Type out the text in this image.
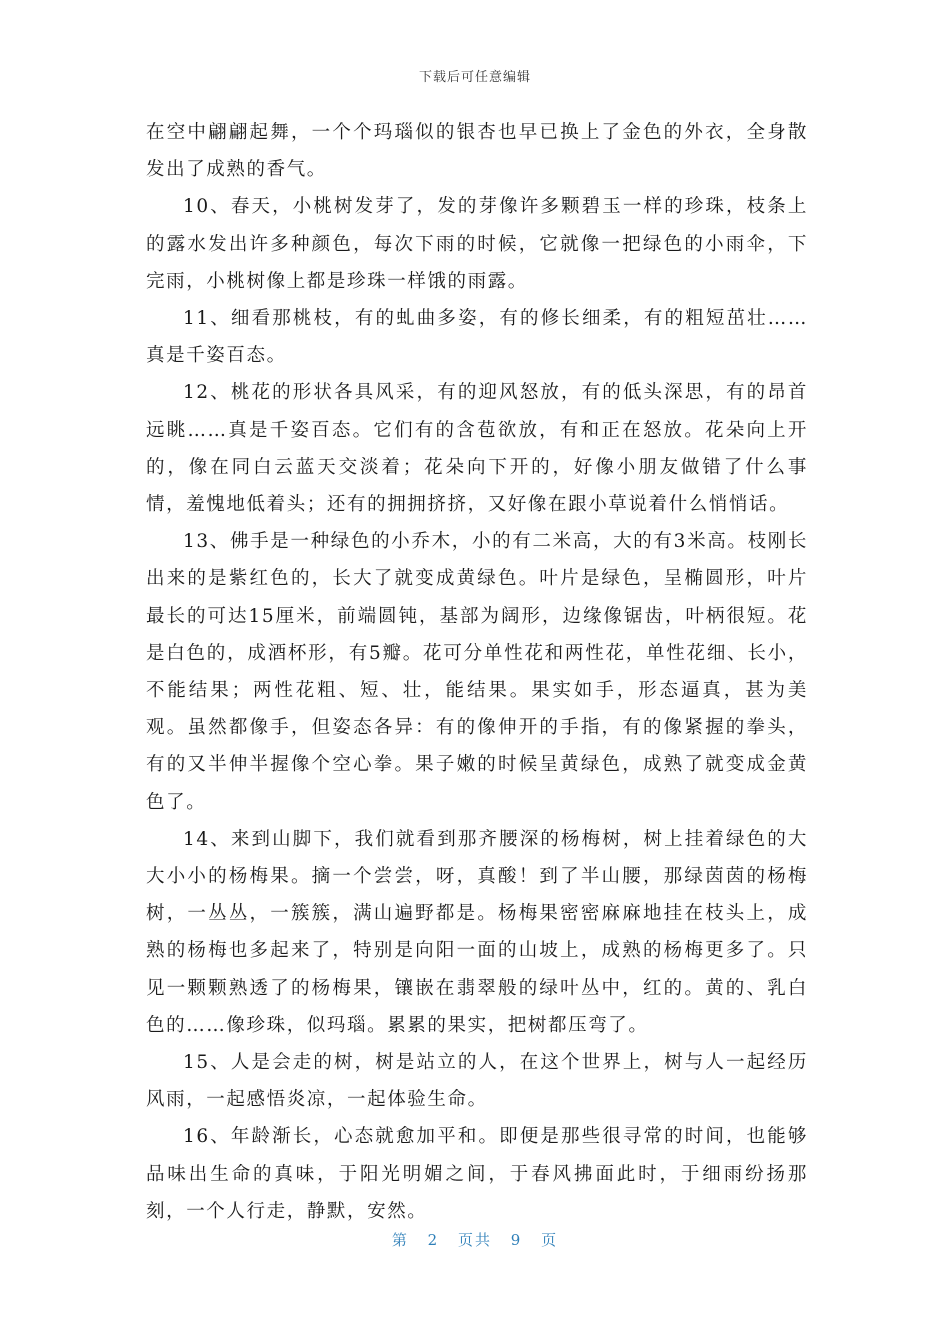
下载后可任意编辑

在空中翩翩起舞，一个个玛瑙似的银杏也早已换上了金色的外衣，全身散发出了成熟的香气。

10、春天，小桃树发芽了，发的芽像许多颗碧玉一样的珍珠，枝条上的露水发出许多种颜色，每次下雨的时候，它就像一把绿色的小雨伞，下完雨，小桃树像上都是珍珠一样饿的雨露。

11、细看那桃枝，有的虬曲多姿，有的修长细柔，有的粗短茁壮……真是千姿百态。

12、桃花的形状各具风采，有的迎风怒放，有的低头深思，有的昂首远眺……真是千姿百态。它们有的含苞欲放，有和正在怒放。花朵向上开的，像在同白云蓝天交淡着；花朵向下开的，好像小朋友做错了什么事情，羞愧地低着头；还有的拥拥挤挤，又好像在跟小草说着什么悄悄话。

13、佛手是一种绿色的小乔木，小的有二米高，大的有3米高。枝刚长出来的是紫红色的，长大了就变成黄绿色。叶片是绿色，呈椭圆形，叶片最长的可达15厘米，前端圆钝，基部为阔形，边缘像锯齿，叶柄很短。花是白色的，成酒杯形，有5瓣。花可分单性花和两性花，单性花细、长小，不能结果；两性花粗、短、壮，能结果。果实如手，形态逼真，甚为美观。虽然都像手，但姿态各异：有的像伸开的手指，有的像紧握的拳头，有的又半伸半握像个空心拳。果子嫩的时候呈黄绿色，成熟了就变成金黄色了。

14、来到山脚下，我们就看到那齐腰深的杨梅树，树上挂着绿色的大大小小的杨梅果。摘一个尝尝，呀，真酸！到了半山腰，那绿茵茵的杨梅树，一丛丛，一簇簇，满山遍野都是。杨梅果密密麻麻地挂在枝头上，成熟的杨梅也多起来了，特别是向阳一面的山坡上，成熟的杨梅更多了。只见一颗颗熟透了的杨梅果，镶嵌在翡翠般的绿叶丛中，红的。黄的、乳白色的……像珍珠，似玛瑙。累累的果实，把树都压弯了。

15、人是会走的树，树是站立的人，在这个世界上，树与人一起经历风雨，一起感悟炎凉，一起体验生命。

16、年龄渐长，心态就愈加平和。即便是那些很寻常的时间，也能够品味出生命的真味，于阳光明媚之间，于春风拂面此时，于细雨纷扬那刻，一个人行走，静默，安然。

第 2 页共 9 页
